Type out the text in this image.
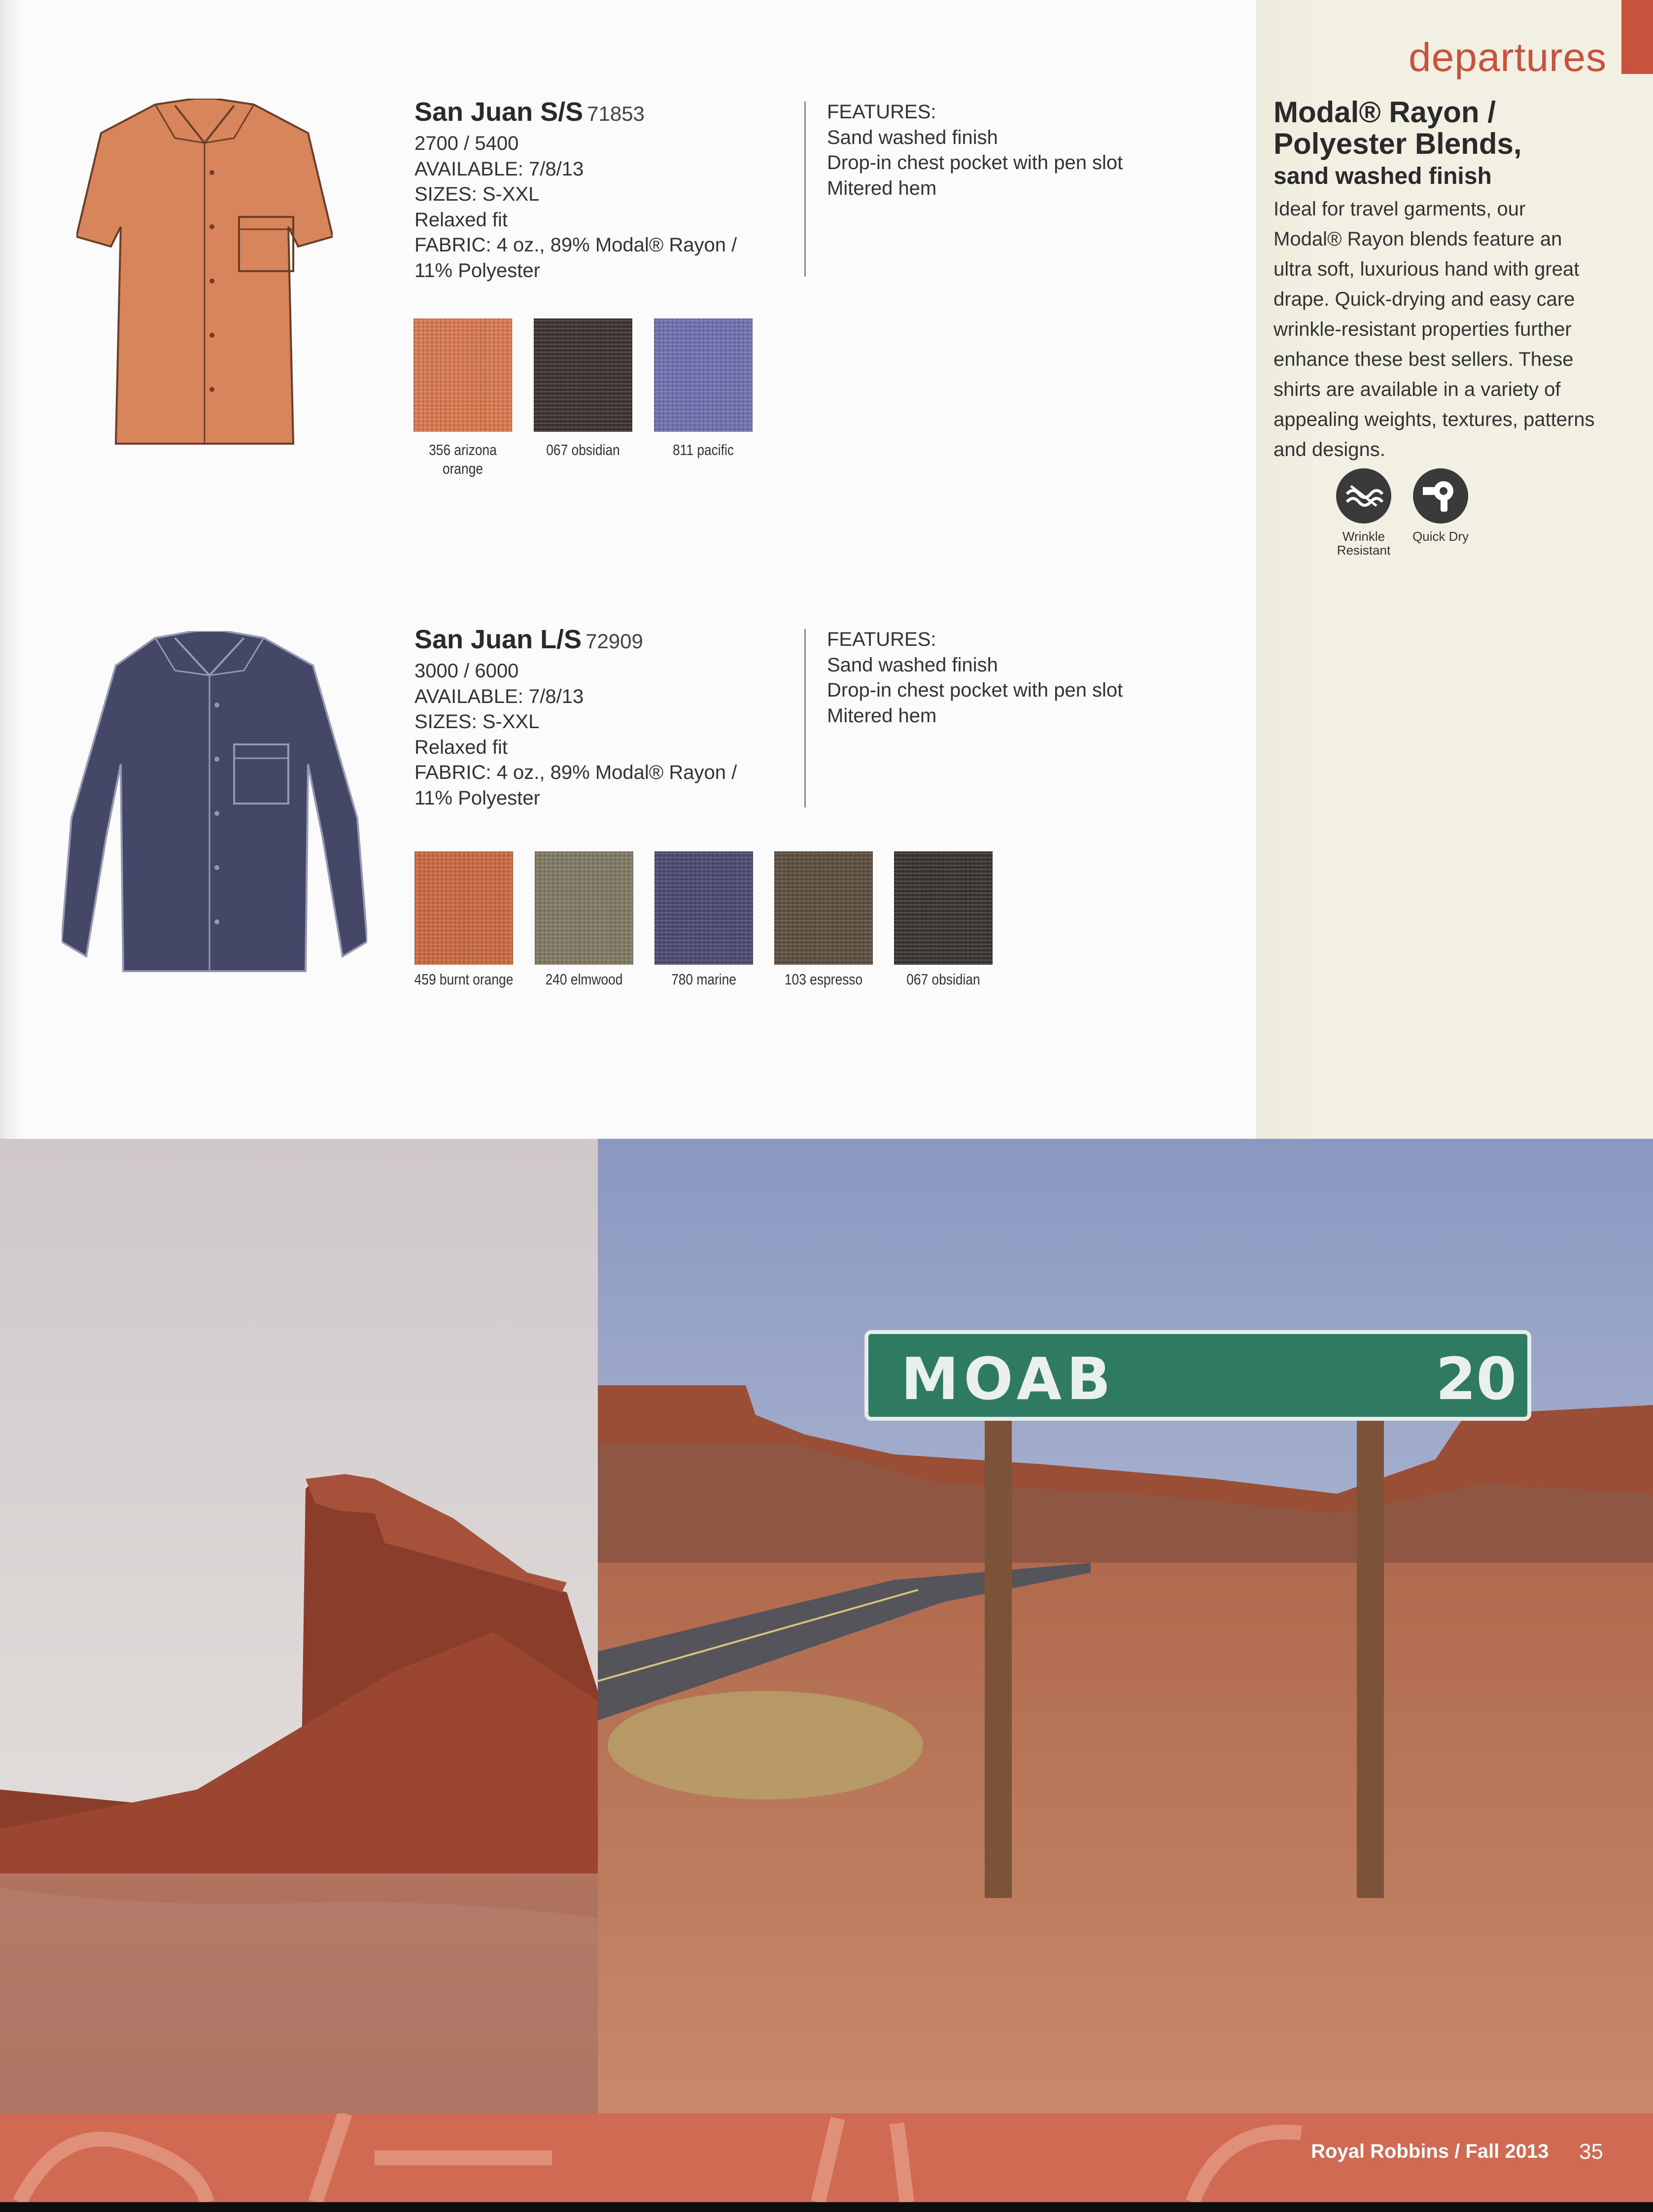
departures
Modal® Rayon / Polyester Blends,
sand washed finish
Ideal for travel garments, our Modal® Rayon blends feature an ultra soft, luxurious hand with great drape. Quick-drying and easy care wrinkle-resistant properties further enhance these best sellers. These shirts are available in a variety of appealing weights, textures, patterns and designs.
Wrinkle Resistant
Quick Dry
San Juan S/S 71853
2700 / 5400
AVAILABLE: 7/8/13
SIZES: S-XXL
Relaxed fit
FABRIC: 4 oz., 89% Modal® Rayon /
11% Polyester
FEATURES:
Sand washed finish
Drop-in chest pocket with pen slot
Mitered hem
356 arizona orange
067 obsidian	811 pacific
San Juan L/S 72909
3000 / 6000
AVAILABLE: 7/8/13
SIZES: S-XXL
Relaxed fit
FABRIC: 4 oz., 89% Modal® Rayon /
11% Polyester
FEATURES:
Sand washed finish
Drop-in chest pocket with pen slot
Mitered hem
459 burnt orange	240 elmwood	780 marine	103 espresso	067 obsidian
20
MOAB
Royal Robbins / Fall 2013 35
